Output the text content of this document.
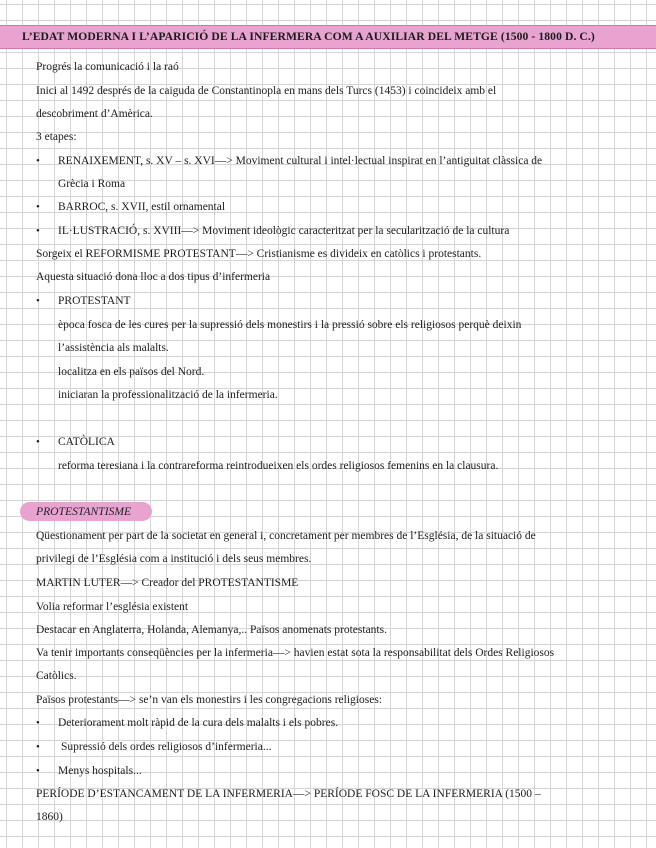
L’EDAT MODERNA I L’APARICIÓ DE LA INFERMERA COM A AUXILIAR DEL METGE (1500 - 1800 D. C.)
Progrés la comunicació i la raó
Inici al 1492 després de la caiguda de Constantinopla en mans dels Turcs (1453) i coincideix amb el
descobriment d’Amèrica.
3 etapes:
• RENAIXEMENT, s. XV – s. XVI—> Moviment cultural i intel·lectual inspirat en l’antiguitat clàssica de
Grècia i Roma
• BARROC, s. XVII, estil ornamental
• IL·LUSTRACIÓ, s. XVIII—> Moviment ideològic caracteritzat per la secularització de la cultura
Sorgeix el REFORMISME PROTESTANT—> Cristianisme es divideix en catòlics i protestants.
Aquesta situació dona lloc a dos tipus d’infermeria
• PROTESTANT
època fosca de les cures per la supressió dels monestirs i la pressió sobre els religiosos perquè deixin
l’assistència als malalts.
localitza en els països del Nord.
iniciaran la professionalització de la infermeria.
• CATÒLICA
reforma teresiana i la contrareforma reintrodueixen els ordes religiosos femenins en la clausura.
PROTESTANTISME
Qüestionament per part de la societat en general i, concretament per membres de l’Església, de la situació de
privilegi de l’Església com a institució i dels seus membres.
MARTIN LUTER—> Creador del PROTESTANTISME
Volia reformar l’església existent
Destacar en Anglaterra, Holanda, Alemanya,.. Països anomenats protestants.
Va tenir importants conseqüències per la infermeria—> havien estat sota la responsabilitat dels Ordes Religiosos
Catòlics.
Països protestants—> se’n van els monestirs i les congregacions religioses:
• Deteriorament molt ràpid de la cura dels malalts i els pobres.
• Supressió dels ordes religiosos d’infermeria...
• Menys hospitals...
PERÍODE D’ESTANCAMENT DE LA INFERMERIA—> PERÍODE FOSC DE LA INFERMERIA (1500 –
1860)
